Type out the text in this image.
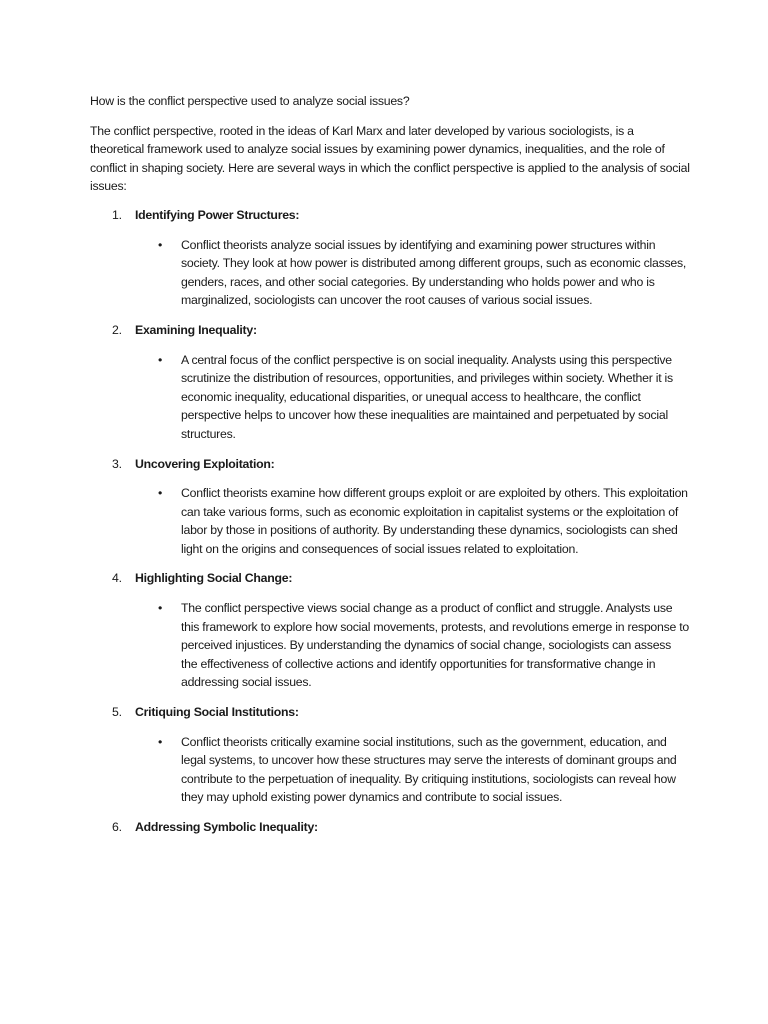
How is the conflict perspective used to analyze social issues?

The conflict perspective, rooted in the ideas of Karl Marx and later developed by various sociologists, is a theoretical framework used to analyze social issues by examining power dynamics, inequalities, and the role of conflict in shaping society. Here are several ways in which the conflict perspective is applied to the analysis of social issues:

1.	Identifying Power Structures:
• Conflict theorists analyze social issues by identifying and examining power structures within society. They look at how power is distributed among different groups, such as economic classes, genders, races, and other social categories. By understanding who holds power and who is marginalized, sociologists can uncover the root causes of various social issues.
2.	Examining Inequality:
• A central focus of the conflict perspective is on social inequality. Analysts using this perspective scrutinize the distribution of resources, opportunities, and privileges within society. Whether it is economic inequality, educational disparities, or unequal access to healthcare, the conflict perspective helps to uncover how these inequalities are maintained and perpetuated by social structures.
3.	Uncovering Exploitation:
• Conflict theorists examine how different groups exploit or are exploited by others. This exploitation can take various forms, such as economic exploitation in capitalist systems or the exploitation of labor by those in positions of authority. By understanding these dynamics, sociologists can shed light on the origins and consequences of social issues related to exploitation.
4.	Highlighting Social Change:
• The conflict perspective views social change as a product of conflict and struggle. Analysts use this framework to explore how social movements, protests, and revolutions emerge in response to perceived injustices. By understanding the dynamics of social change, sociologists can assess the effectiveness of collective actions and identify opportunities for transformative change in addressing social issues.
5.	Critiquing Social Institutions:
• Conflict theorists critically examine social institutions, such as the government, education, and legal systems, to uncover how these structures may serve the interests of dominant groups and contribute to the perpetuation of inequality. By critiquing institutions, sociologists can reveal how they may uphold existing power dynamics and contribute to social issues.
6.	Addressing Symbolic Inequality:
